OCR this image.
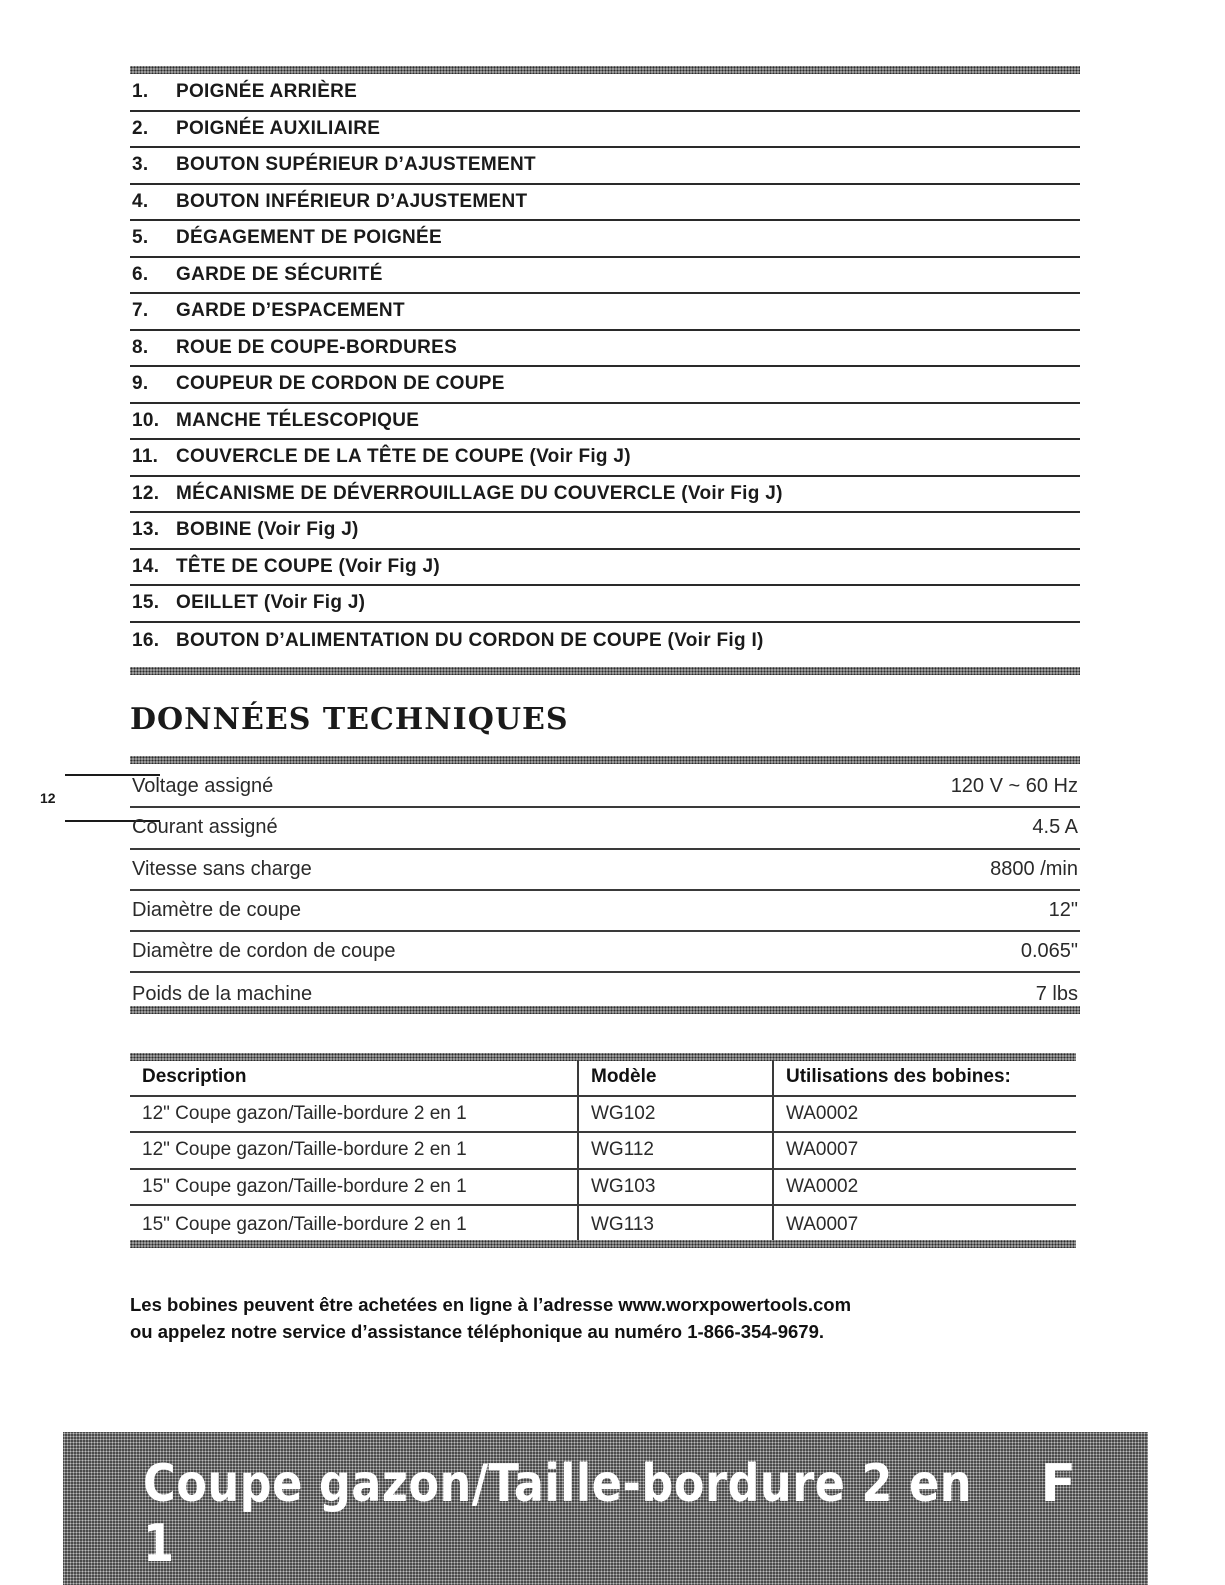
1.	POIGNÉE ARRIÈRE
2.	POIGNÉE AUXILIAIRE
3.	BOUTON SUPÉRIEUR D’AJUSTEMENT
4.	BOUTON INFÉRIEUR D’AJUSTEMENT
5.	DÉGAGEMENT DE POIGNÉE
6.	GARDE DE SÉCURITÉ
7.	GARDE D’ESPACEMENT
8.	ROUE DE COUPE-BORDURES
9.	COUPEUR DE CORDON DE COUPE
10. MANCHE TÉLESCOPIQUE
11. COUVERCLE DE LA TÊTE DE COUPE (Voir Fig J)
12. MÉCANISME DE DÉVERROUILLAGE DU COUVERCLE (Voir Fig J)
13. BOBINE (Voir Fig J)
14. TÊTE DE COUPE (Voir Fig J)
15. OEILLET (Voir Fig J)
16. BOUTON D’ALIMENTATION DU CORDON DE COUPE (Voir Fig I)
DONNÉES TECHNIQUES
12
Voltage assigné	120 V ~ 60 Hz
Courant assigné	4.5 A
Vitesse sans charge	8800 /min
Diamètre de coupe	12"
Diamètre de cordon de coupe	0.065"
Poids de la machine	7 lbs
Description	Modèle	Utilisations des bobines:
12" Coupe gazon/Taille-bordure 2 en 1	WG102	WA0002
12" Coupe gazon/Taille-bordure 2 en 1	WG112	WA0007
15" Coupe gazon/Taille-bordure 2 en 1	WG103	WA0002
15" Coupe gazon/Taille-bordure 2 en 1	WG113	WA0007

Les bobines peuvent être achetées en ligne à l’adresse www.worxpowertools.com
ou appelez notre service d’assistance téléphonique au numéro 1-866-354-9679.

Coupe gazon/Taille-bordure 2 en 1
F
